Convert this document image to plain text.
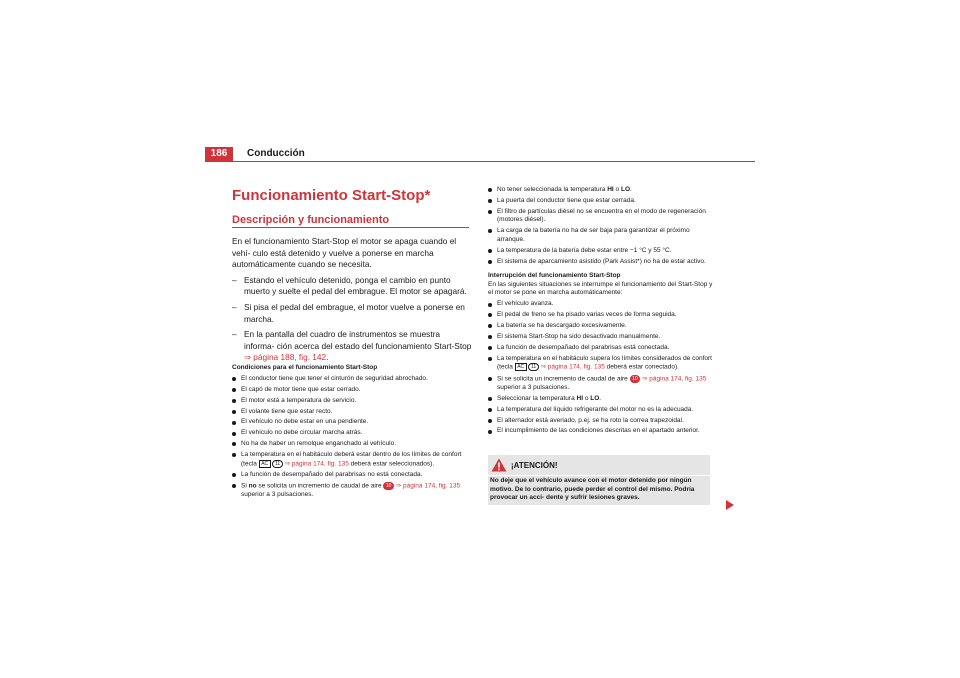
186	Conducción
Funcionamiento Start-Stop*
Descripción y funcionamiento

En el funcionamiento Start-Stop el motor se apaga cuando el vehí- culo está detenido y vuelve a ponerse en marcha automáticamente cuando se necesita.

– Estando el vehículo detenido, ponga el cambio en punto muerto y suelte el pedal del embrague. El motor se apagará.
– Si pisa el pedal del embrague, el motor vuelve a ponerse en marcha.
– En la pantalla del cuadro de instrumentos se muestra informa- ción acerca del estado del funcionamiento Start-Stop
⇒ página 188, fig. 142.
Condiciones para el funcionamiento Start-Stop
El conductor tiene que tener el cinturón de seguridad abrochado.
El capó de motor tiene que estar cerrado.
El motor está a temperatura de servicio.
El volante tiene que estar recto.
El vehículo no debe estar en una pendiente.
El vehículo no debe circular marcha atrás.
No ha de haber un remolque enganchado al vehículo.
La temperatura en el habitáculo deberá estar dentro de los límites de confort (tecla AC 11 ⇒ página 174, fig. 135 deberá estar seleccionados).
La función de desempañado del parabrisas no está conectada.
Si no se solicita un incremento de caudal de aire 10 ⇒ página 174, fig. 135 superior a 3 pulsaciones.
No tener seleccionada la temperatura HI o LO.
La puerta del conductor tiene que estar cerrada.
El filtro de partículas diésel no se encuentra en el modo de regeneración (motores diésel).
La carga de la batería no ha de ser baja para garantizar el próximo arranque.
La temperatura de la batería debe estar entre −1 °C y 55 °C.
El sistema de aparcamiento asistido (Park Assist*) no ha de estar activo.
Interrupción del funcionamiento Start-Stop
En las siguientes situaciones se interrumpe el funcionamiento del Start-Stop y el motor se pone en marcha automáticamente:
El vehículo avanza.
El pedal de freno se ha pisado varias veces de forma seguida.
La batería se ha descargado excesivamente.
El sistema Start-Stop ha sido desactivado manualmente.
La función de desempañado del parabrisas está conectada.
La temperatura en el habitáculo supera los límites considerados de confort (tecla AC 11 ⇒ página 174, fig. 135 deberá estar conectado).
Si se solicita un incremento de caudal de aire 10 ⇒ página 174, fig. 135 superior a 3 pulsaciones.
Seleccionar la temperatura HI o LO.
La temperatura del líquido refrigerante del motor no es la adecuada.
El alternador está averiado, p.ej. se ha roto la correa trapezoidal.
El incumplimiento de las condiciones descritas en el apartado anterior.
¡ATENCIÓN!
No deje que el vehículo avance con el motor detenido por ningún motivo. De lo contrario, puede perder el control del mismo. Podría provocar un acci- dente y sufrir lesiones graves.
